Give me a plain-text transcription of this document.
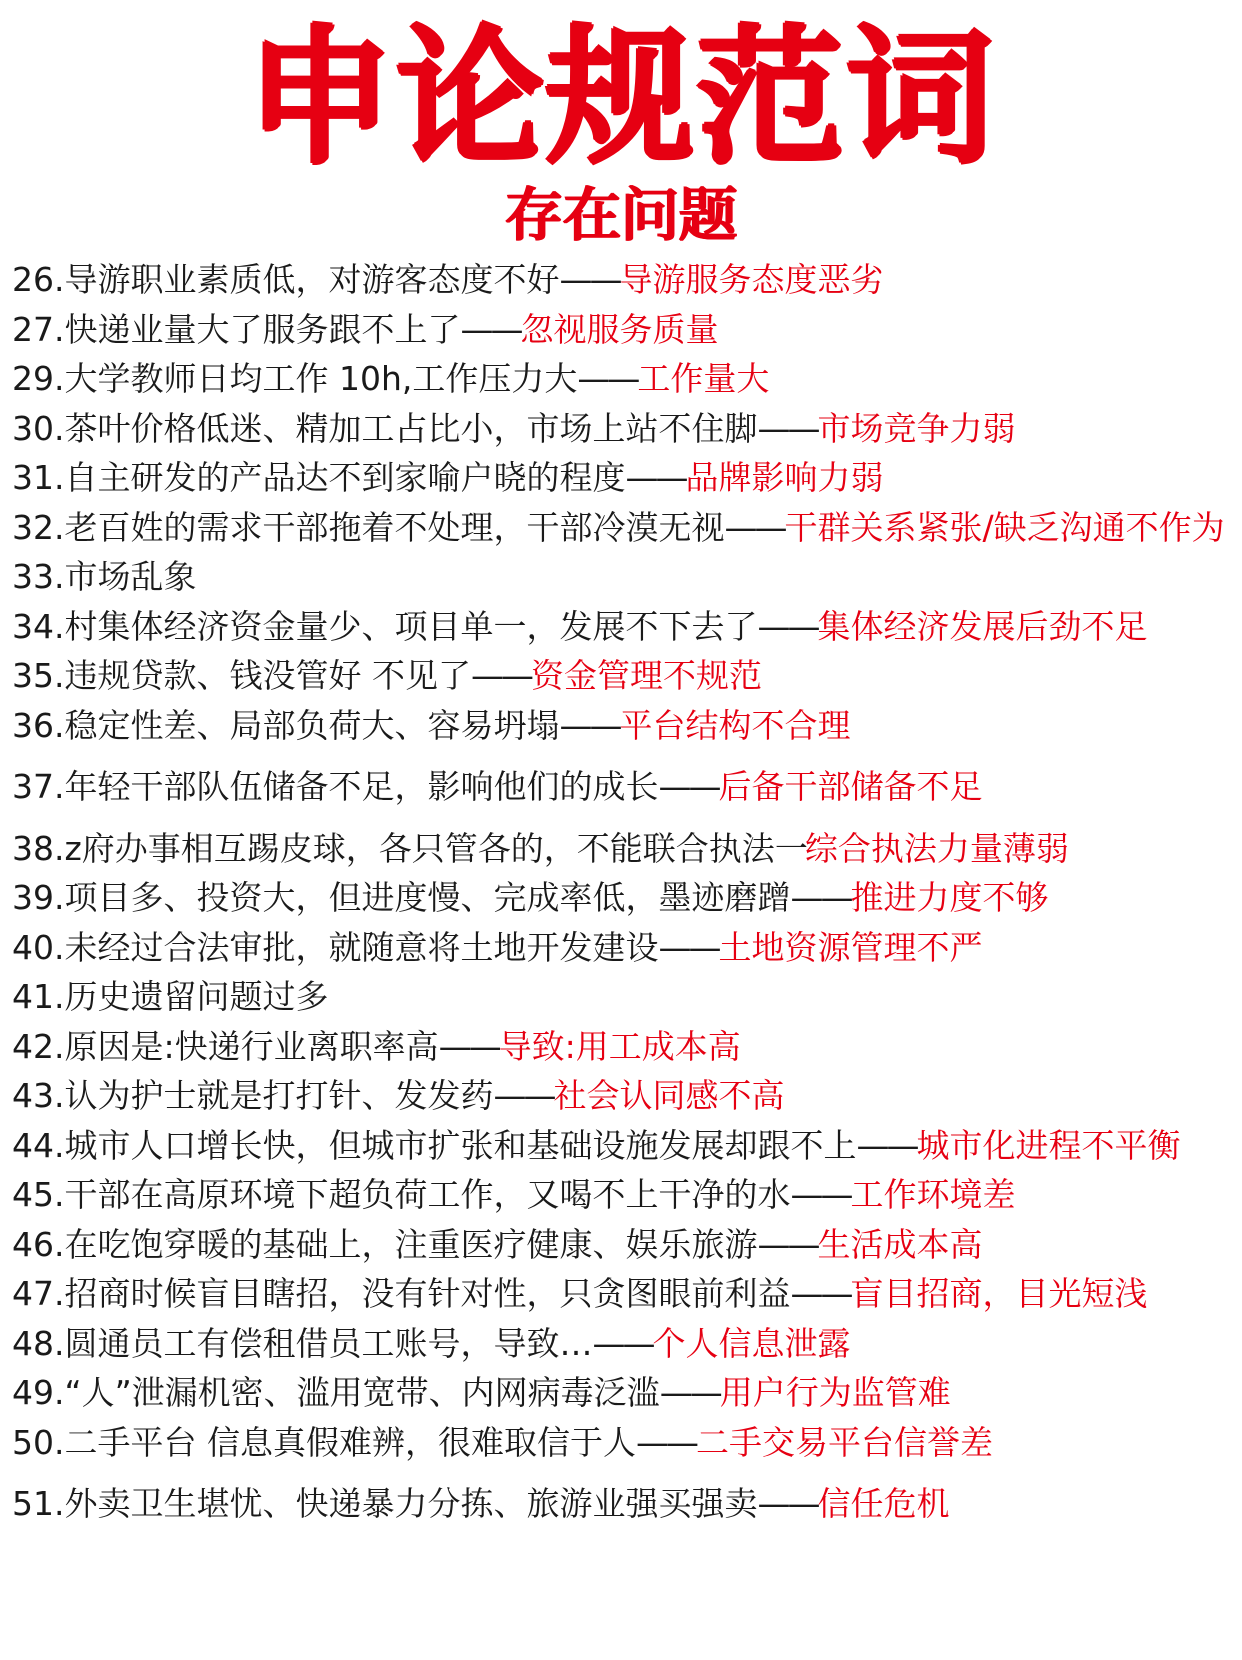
申论规范词
存在问题

26.导游职业素质低，对游客态度不好——导游服务态度恶劣

27.快递业量大了服务跟不上了——忽视服务质量

29.大学教师日均工作 10h,工作压力大——工作量大

30.茶叶价格低迷、精加工占比小，市场上站不住脚——市场竞争力弱

31.自主研发的产品达不到家喻户晓的程度——品牌影响力弱

32.老百姓的需求干部拖着不处理，干部冷漠无视——干群关系紧张/缺乏沟通不作为

33.市场乱象

34.村集体经济资金量少、项目单一，发展不下去了——集体经济发展后劲不足

35.违规贷款、钱没管好 不见了——资金管理不规范

36.稳定性差、局部负荷大、容易坍塌——平台结构不合理

37.年轻干部队伍储备不足，影响他们的成长——后备干部储备不足

38.z府办事相互踢皮球，各只管各的，不能联合执法一综合执法力量薄弱

39.项目多、投资大，但进度慢、完成率低，墨迹磨蹭——推进力度不够

40.未经过合法审批，就随意将土地开发建设——土地资源管理不严

41.历史遗留问题过多

42.原因是:快递行业离职率高——导致:用工成本高

43.认为护士就是打打针、发发药——社会认同感不高

44.城市人口增长快，但城市扩张和基础设施发展却跟不上——城市化进程不平衡

45.干部在高原环境下超负荷工作，又喝不上干净的水——工作环境差

46.在吃饱穿暖的基础上，注重医疗健康、娱乐旅游——生活成本高

47.招商时候盲目瞎招，没有针对性，只贪图眼前利益——盲目招商，目光短浅

48.圆通员工有偿租借员工账号，导致…——个人信息泄露

49.“人”泄漏机密、滥用宽带、内网病毒泛滥——用户行为监管难

50.二手平台 信息真假难辨，很难取信于人——二手交易平台信誉差

51.外卖卫生堪忧、快递暴力分拣、旅游业强买强卖——信任危机
